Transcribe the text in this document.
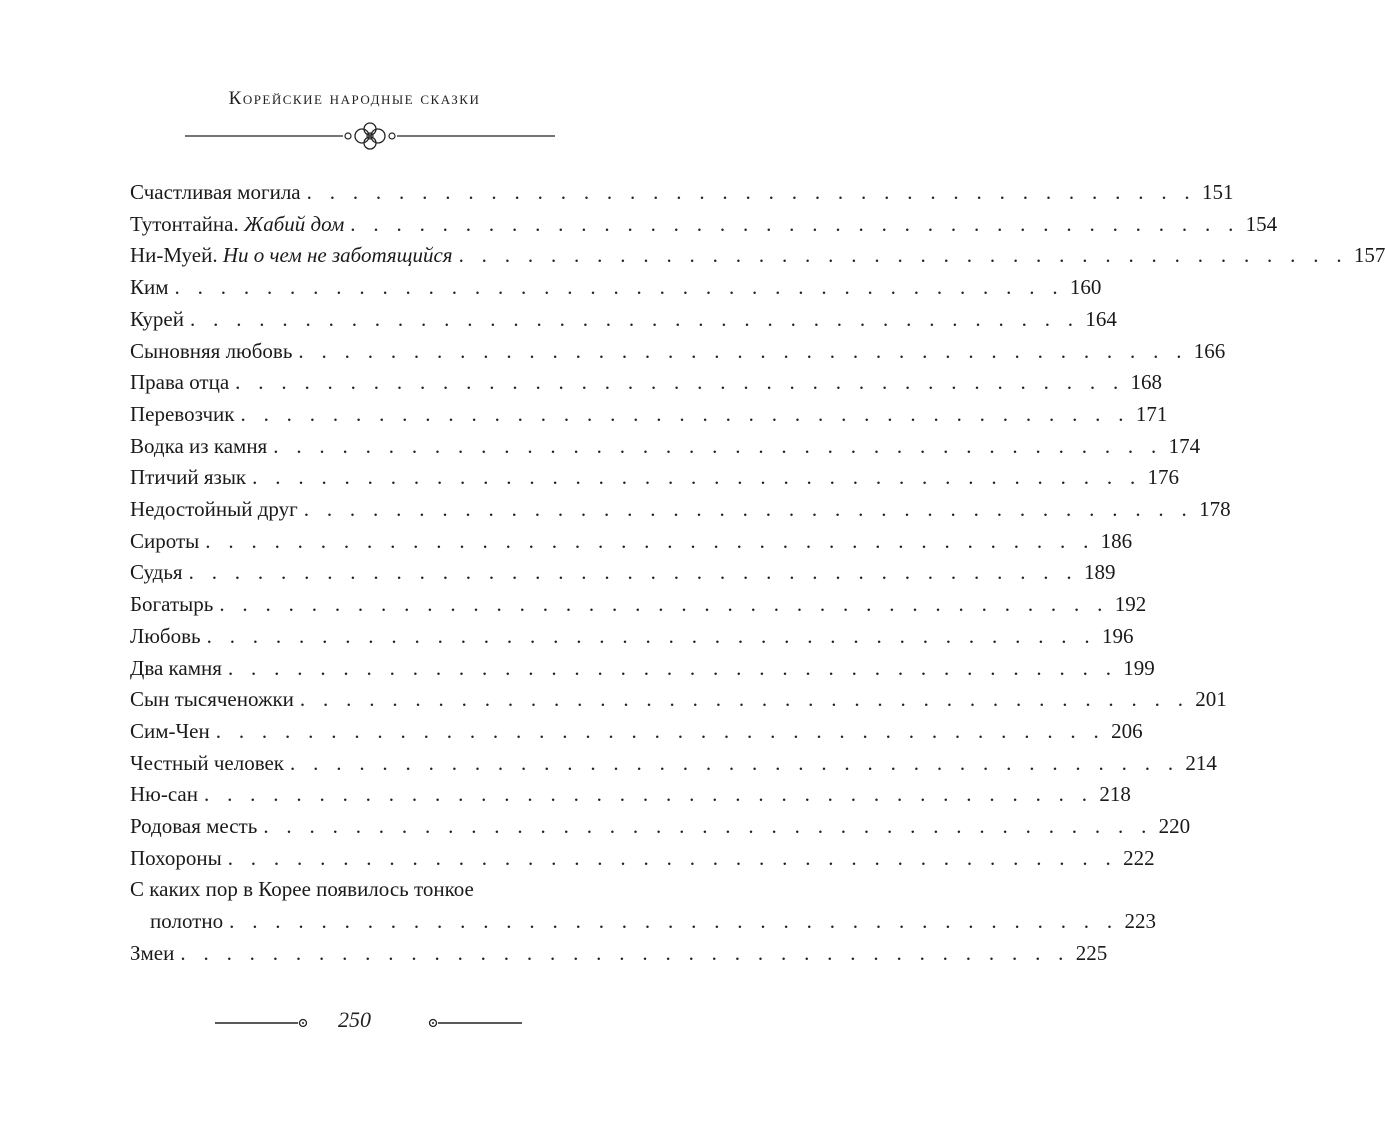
Корейские народные сказки
Счастливая могила . . . . . . . . . . . . . . . . . . . . . . . . . . . . . . . . . . . . . . . 151
Тутонтайна. Жабий дом . . . . . . . . . . . . . . . . . . . . . . . . . . . . . . . . . . . . . . . 154
Ни-Муей. Ни о чем не заботящийся . . . . . . . . . . . . . . . . . . . . . . . . . . . . . . . . . . . . . . . 157
Ким . . . . . . . . . . . . . . . . . . . . . . . . . . . . . . . . . . . . . . . 160
Курей . . . . . . . . . . . . . . . . . . . . . . . . . . . . . . . . . . . . . . . 164
Сыновняя любовь . . . . . . . . . . . . . . . . . . . . . . . . . . . . . . . . . . . . . . . 166
Права отца . . . . . . . . . . . . . . . . . . . . . . . . . . . . . . . . . . . . . . . 168
Перевозчик . . . . . . . . . . . . . . . . . . . . . . . . . . . . . . . . . . . . . . . 171
Водка из камня . . . . . . . . . . . . . . . . . . . . . . . . . . . . . . . . . . . . . . . 174
Птичий язык . . . . . . . . . . . . . . . . . . . . . . . . . . . . . . . . . . . . . . . 176
Недостойный друг . . . . . . . . . . . . . . . . . . . . . . . . . . . . . . . . . . . . . . . 178
Сироты . . . . . . . . . . . . . . . . . . . . . . . . . . . . . . . . . . . . . . . 186
Судья . . . . . . . . . . . . . . . . . . . . . . . . . . . . . . . . . . . . . . . 189
Богатырь . . . . . . . . . . . . . . . . . . . . . . . . . . . . . . . . . . . . . . . 192
Любовь . . . . . . . . . . . . . . . . . . . . . . . . . . . . . . . . . . . . . . . 196
Два камня . . . . . . . . . . . . . . . . . . . . . . . . . . . . . . . . . . . . . . . 199
Сын тысяченожки . . . . . . . . . . . . . . . . . . . . . . . . . . . . . . . . . . . . . . . 201
Сим-Чен . . . . . . . . . . . . . . . . . . . . . . . . . . . . . . . . . . . . . . . 206
Честный человек . . . . . . . . . . . . . . . . . . . . . . . . . . . . . . . . . . . . . . . 214
Ню-сан . . . . . . . . . . . . . . . . . . . . . . . . . . . . . . . . . . . . . . . 218
Родовая месть . . . . . . . . . . . . . . . . . . . . . . . . . . . . . . . . . . . . . . . 220
Похороны . . . . . . . . . . . . . . . . . . . . . . . . . . . . . . . . . . . . . . . 222
С каких пор в Корее появилось тонкое
полотно . . . . . . . . . . . . . . . . . . . . . . . . . . . . . . . . . . . . . . . 223
Змеи . . . . . . . . . . . . . . . . . . . . . . . . . . . . . . . . . . . . . . . 225
250
